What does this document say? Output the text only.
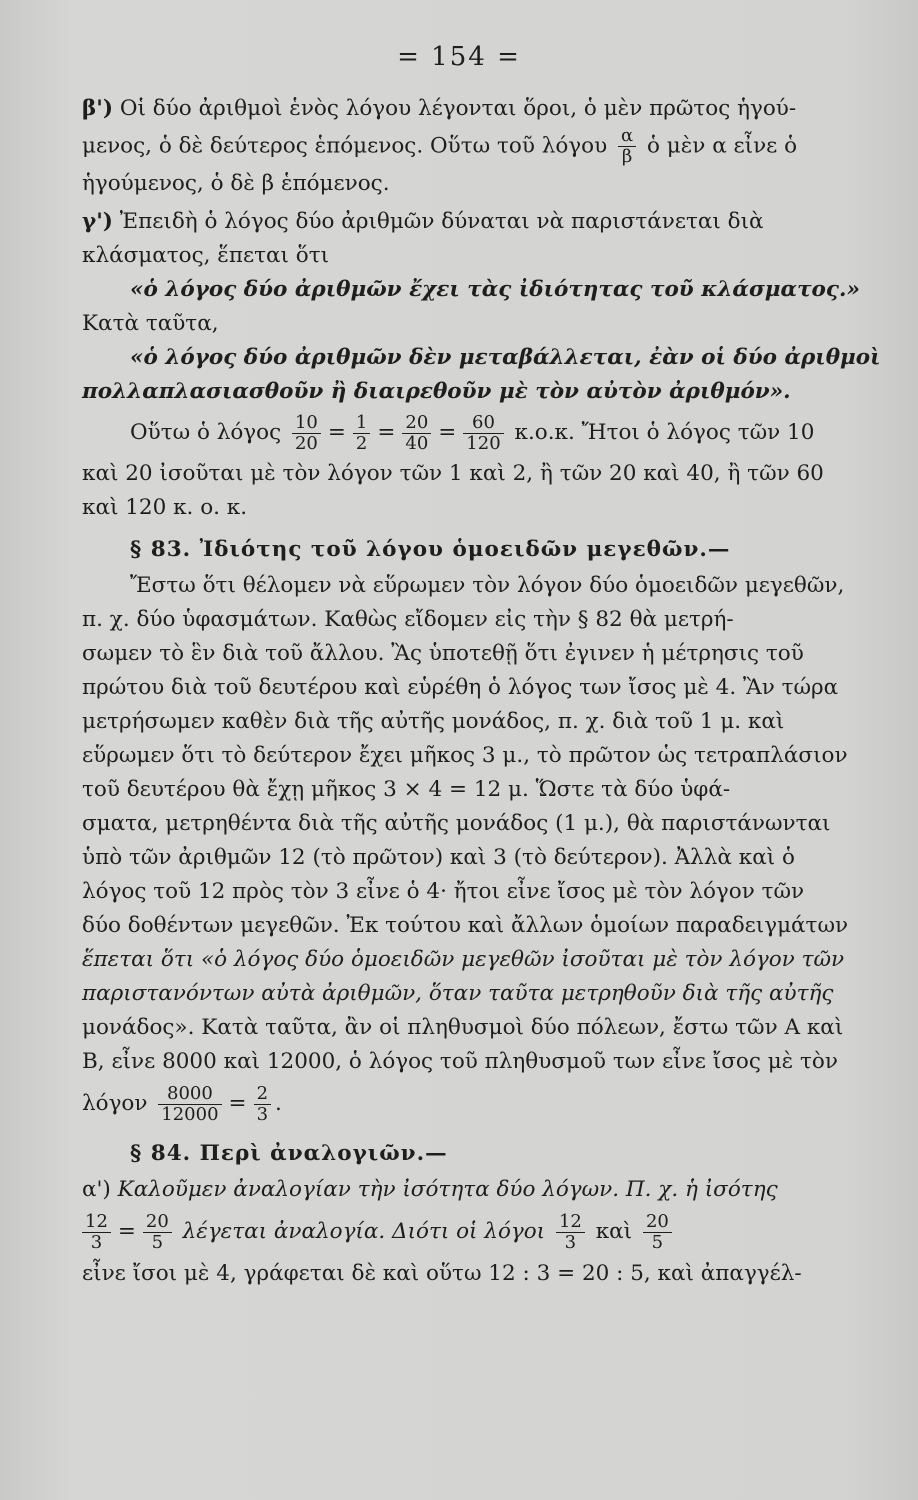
= 154 =
β') Οἱ δύο ἀριθμοὶ ἑνὸς λόγου λέγονται ὅροι, ὁ μὲν πρῶτος ἡγού-
μενος, ὁ δὲ δεύτερος ἑπόμενος. Οὕτω τοῦ λόγου $\frac{\alpha}{\beta}$ ὁ μὲν α εἶνε ὁ
ἡγούμενος, ὁ δὲ β ἑπόμενος.
γ') Ἐπειδὴ ὁ λόγος δύο ἀριθμῶν δύναται νὰ παριστάνεται διὰ
κλάσματος, ἕπεται ὅτι
«ὁ λόγος δύο ἀριθμῶν ἔχει τὰς ἰδιότητας τοῦ κλάσματος.»
Κατὰ ταῦτα,
«ὁ λόγος δύο ἀριθμῶν δὲν μεταβάλλεται, ἐὰν οἱ δύο ἀριθμοὶ
πολλαπλασιασθοῦν ἢ διαιρεθοῦν μὲ τὸν αὐτὸν ἀριθμόν».
Οὕτω ὁ λόγος $\frac{10}{20} = \frac{1}{2} = \frac{20}{40} = \frac{60}{120} \kappa.o.\kappa$. Ἤτοι ὁ λόγος τῶν 10
καὶ 20 ἰσοῦται μὲ τὸν λόγον τῶν 1 καὶ 2, ἢ τῶν 20 καὶ 40, ἢ τῶν 60
καὶ 120 κ. ο. κ.
§ 83. Ἰδιότης τοῦ λόγου ὁμοειδῶν μεγεθῶν.—
Ἔστω ὅτι θέλομεν νὰ εὕρωμεν τὸν λόγον δύο ὁμοειδῶν μεγεθῶν,
π. χ. δύο ὑφασμάτων. Καθὼς εἴδομεν εἰς τὴν § 82 θὰ μετρή-
σωμεν τὸ ἓν διὰ τοῦ ἄλλου. Ἂς ὑποτεθῇ ὅτι ἐγινεν ἡ μέτρησις τοῦ
πρώτου διὰ τοῦ δευτέρου καὶ εὑρέθη ὁ λόγος των ἴσος μὲ 4. Ἂν τώρα
μετρήσωμεν καθὲν διὰ τῆς αὐτῆς μονάδος, π. χ. διὰ τοῦ 1 μ. καὶ
εὕρωμεν ὅτι τὸ δεύτερον ἔχει μῆκος 3 μ., τὸ πρῶτον ὡς τετραπλάσιον
τοῦ δευτέρου θὰ ἔχῃ μῆκος 3 × 4 = 12 μ. Ὥστε τὰ δύο ὑφά-
σματα, μετρηθέντα διὰ τῆς αὐτῆς μονάδος (1 μ.), θὰ παριστάνωνται
ὑπὸ τῶν ἀριθμῶν 12 (τὸ πρῶτον) καὶ 3 (τὸ δεύτερον). Ἀλλὰ καὶ ὁ
λόγος τοῦ 12 πρὸς τὸν 3 εἶνε ὁ 4· ἤτοι εἶνε ἴσος μὲ τὸν λόγον τῶν
δύο δοθέντων μεγεθῶν. Ἐκ τούτου καὶ ἄλλων ὁμοίων παραδειγμάτων
ἕπεται ὅτι «ὁ λόγος δύο ὁμοειδῶν μεγεθῶν ἰσοῦται μὲ τὸν λόγον τῶν
παριστανόντων αὐτὰ ἀριθμῶν, ὅταν ταῦτα μετρηθοῦν διὰ τῆς αὐτῆς
μονάδος». Κατὰ ταῦτα, ἂν οἱ πληθυσμοὶ δύο πόλεων, ἔστω τῶν Α καὶ
Β, εἶνε 8000 καὶ 12000, ὁ λόγος τοῦ πληθυσμοῦ των εἶνε ἴσος μὲ τὸν
λόγον $\frac{8000}{12000} = \frac{2}{3}$ .
§ 84. Περὶ ἀναλογιῶν.—
α') Καλοῦμεν ἀναλογίαν τὴν ἰσότητα δύο λόγων. Π. χ. ἡ ἰσότης
$\frac{12}{3} = \frac{20}{5}$ λέγεται ἀναλογία. Διότι οἱ λόγοι $\frac{12}{3}$ καὶ $\frac{20}{5}$
εἶνε ἴσοι μὲ 4, γράφεται δὲ καὶ οὕτω 12 : 3 = 20 : 5, καὶ ἀπαγγέλ-
